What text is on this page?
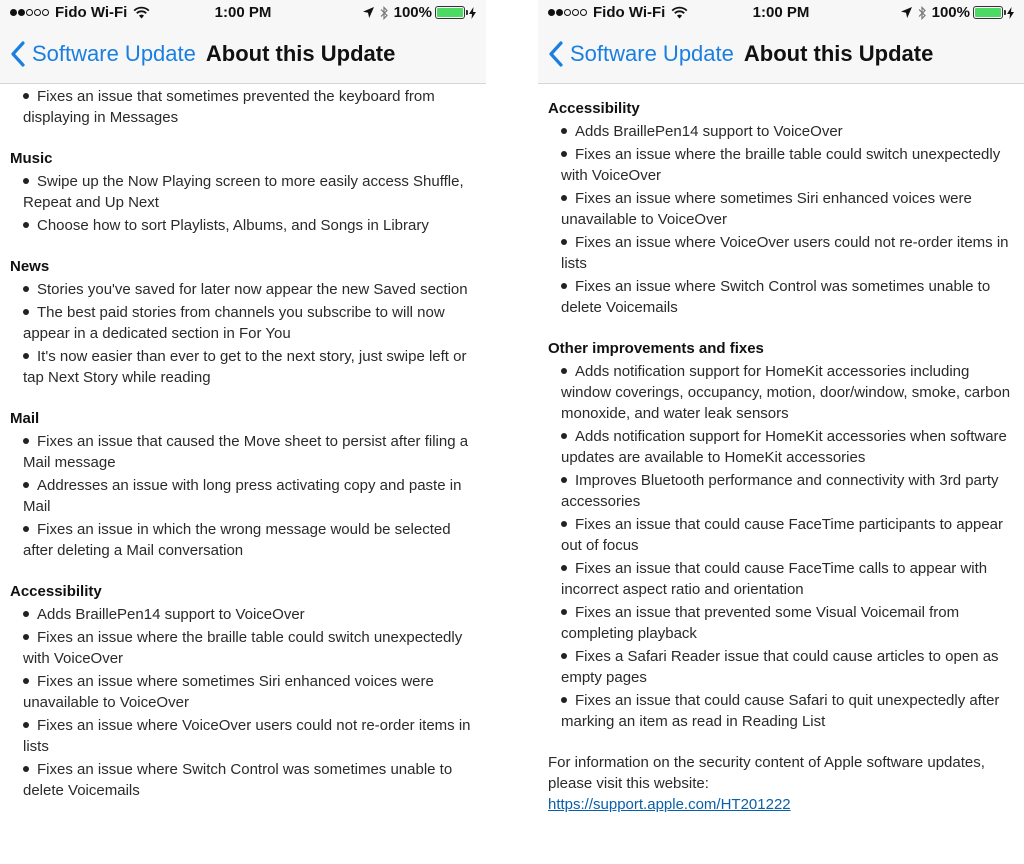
Fixes an issue that sometimes prevented the keyboard from displaying in Messages
Music
Swipe up the Now Playing screen to more easily access Shuffle, Repeat and Up Next
Choose how to sort Playlists, Albums, and Songs in Library
News
Stories you've saved for later now appear the new Saved section
The best paid stories from channels you subscribe to will now appear in a dedicated section in For You
It's now easier than ever to get to the next story, just swipe left or tap Next Story while reading
Mail
Fixes an issue that caused the Move sheet to persist after filing a Mail message
Addresses an issue with long press activating copy and paste in Mail
Fixes an issue in which the wrong message would be selected after deleting a Mail conversation
Accessibility
Adds BraillePen14 support to VoiceOver
Fixes an issue where the braille table could switch unexpectedly with VoiceOver
Fixes an issue where sometimes Siri enhanced voices were unavailable to VoiceOver
Fixes an issue where VoiceOver users could not re-order items in lists
Fixes an issue where Switch Control was sometimes unable to delete Voicemails
Fido Wi-Fi	1:00 PM	100%
Software Update About this Update
Accessibility
Adds BraillePen14 support to VoiceOver
Fixes an issue where the braille table could switch unexpectedly with VoiceOver
Fixes an issue where sometimes Siri enhanced voices were unavailable to VoiceOver
Fixes an issue where VoiceOver users could not re-order items in lists
Fixes an issue where Switch Control was sometimes unable to delete Voicemails
Other improvements and fixes
Adds notification support for HomeKit accessories including window coverings, occupancy, motion, door/window, smoke, carbon monoxide, and water leak sensors
Adds notification support for HomeKit accessories when software updates are available to HomeKit accessories
Improves Bluetooth performance and connectivity with 3rd party accessories
Fixes an issue that could cause FaceTime participants to appear out of focus
Fixes an issue that could cause FaceTime calls to appear with incorrect aspect ratio and orientation
Fixes an issue that prevented some Visual Voicemail from completing playback
Fixes a Safari Reader issue that could cause articles to open as empty pages
Fixes an issue that could cause Safari to quit unexpectedly after marking an item as read in Reading List
For information on the security content of Apple software updates, please visit this website:
https://support.apple.com/HT201222
Fido Wi-Fi	1:00 PM	100%
Software Update About this Update
